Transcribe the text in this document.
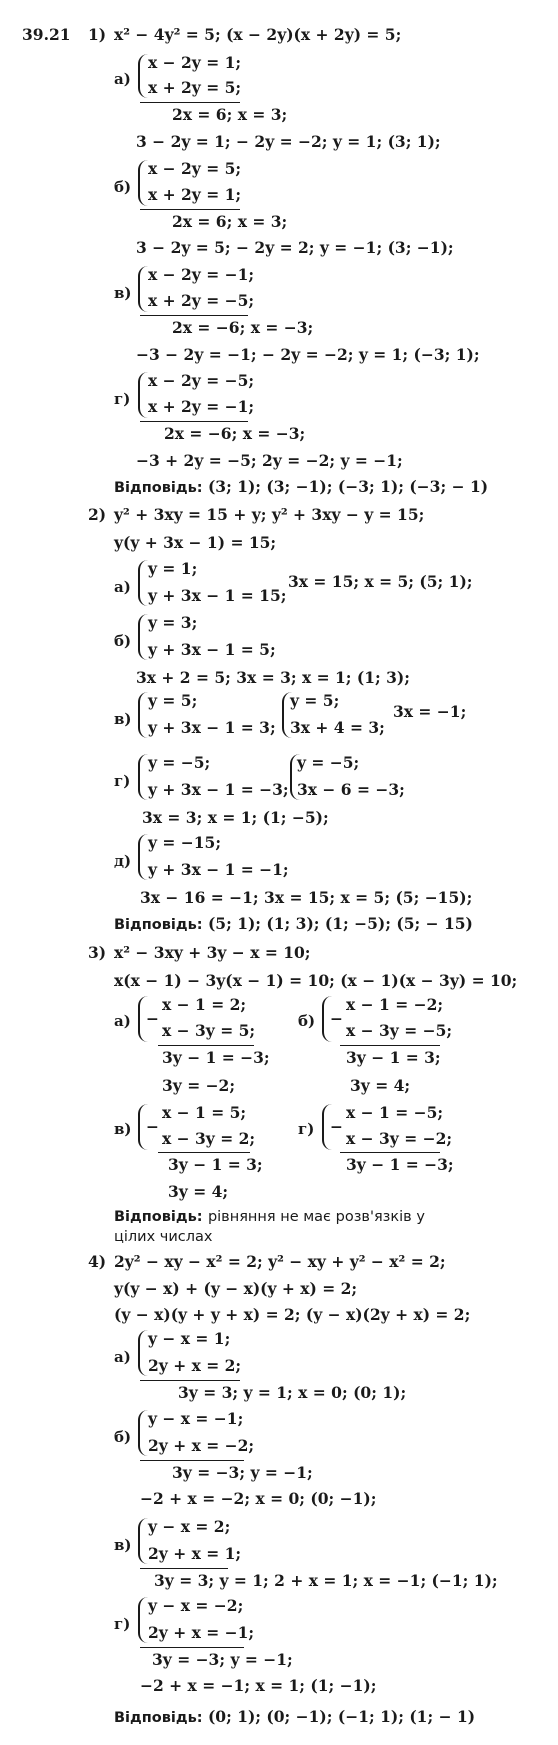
39.21 1) x² − 4y² = 5; (x − 2y)(x + 2y) = 5;
а)
x − 2y = 1;
x + 2y = 5;
2x = 6; x = 3;
3 − 2y = 1; − 2y = −2; y = 1; (3; 1);
б)
x − 2y = 5;
x + 2y = 1;
2x = 6; x = 3;
3 − 2y = 5; − 2y = 2; y = −1; (3; −1);
в)
x − 2y = −1;
x + 2y = −5;
2x = −6; x = −3;
−3 − 2y = −1; − 2y = −2; y = 1; (−3; 1);
г)
x − 2y = −5;
x + 2y = −1;
2x = −6; x = −3;
−3 + 2y = −5; 2y = −2; y = −1;
Відповідь: (3; 1); (3; −1); (−3; 1); (−3; − 1)
2) y² + 3xy = 15 + y; y² + 3xy − y = 15;
y(y + 3x − 1) = 15;
а)
y = 1;
y + 3x − 1 = 15;
3x = 15; x = 5; (5; 1);
б)
y = 3;
y + 3x − 1 = 5;
3x + 2 = 5; 3x = 3; x = 1; (1; 3);
в)
y = 5;
y + 3x − 1 = 3;
y = 5;
3x + 4 = 3;
3x = −1;
г)
y = −5;
y + 3x − 1 = −3;
y = −5;
3x − 6 = −3;
3x = 3; x = 1; (1; −5);
д)
y = −15;
y + 3x − 1 = −1;
3x − 16 = −1; 3x = 15; x = 5; (5; −15);
Відповідь: (5; 1); (1; 3); (1; −5); (5; − 15)
3) x² − 3xy + 3y − x = 10;
x(x − 1) − 3y(x − 1) = 10; (x − 1)(x − 3y) = 10;
а) −
x − 1 = 2;
x − 3y = 5;
3y − 1 = −3;
3y = −2;
б) −
x − 1 = −2;
x − 3y = −5;
3y − 1 = 3;
3y = 4;
в) −
x − 1 = 5;
x − 3y = 2;
3y − 1 = 3;
3y = 4;
г) −
x − 1 = −5;
x − 3y = −2;
3y − 1 = −3;
Відповідь: рівняння не має розв'язків у
цілих числах
4) 2y² − xy − x² = 2; y² − xy + y² − x² = 2;
y(y − x) + (y − x)(y + x) = 2;
(y − x)(y + y + x) = 2; (y − x)(2y + x) = 2;
а)
y − x = 1;
2y + x = 2;
3y = 3; y = 1; x = 0; (0; 1);
б)
y − x = −1;
2y + x = −2;
3y = −3; y = −1;
−2 + x = −2; x = 0; (0; −1);
в)
y − x = 2;
2y + x = 1;
3y = 3; y = 1; 2 + x = 1; x = −1; (−1; 1);
г)
y − x = −2;
2y + x = −1;
3y = −3; y = −1;
−2 + x = −1; x = 1; (1; −1);
Відповідь: (0; 1); (0; −1); (−1; 1); (1; − 1)
